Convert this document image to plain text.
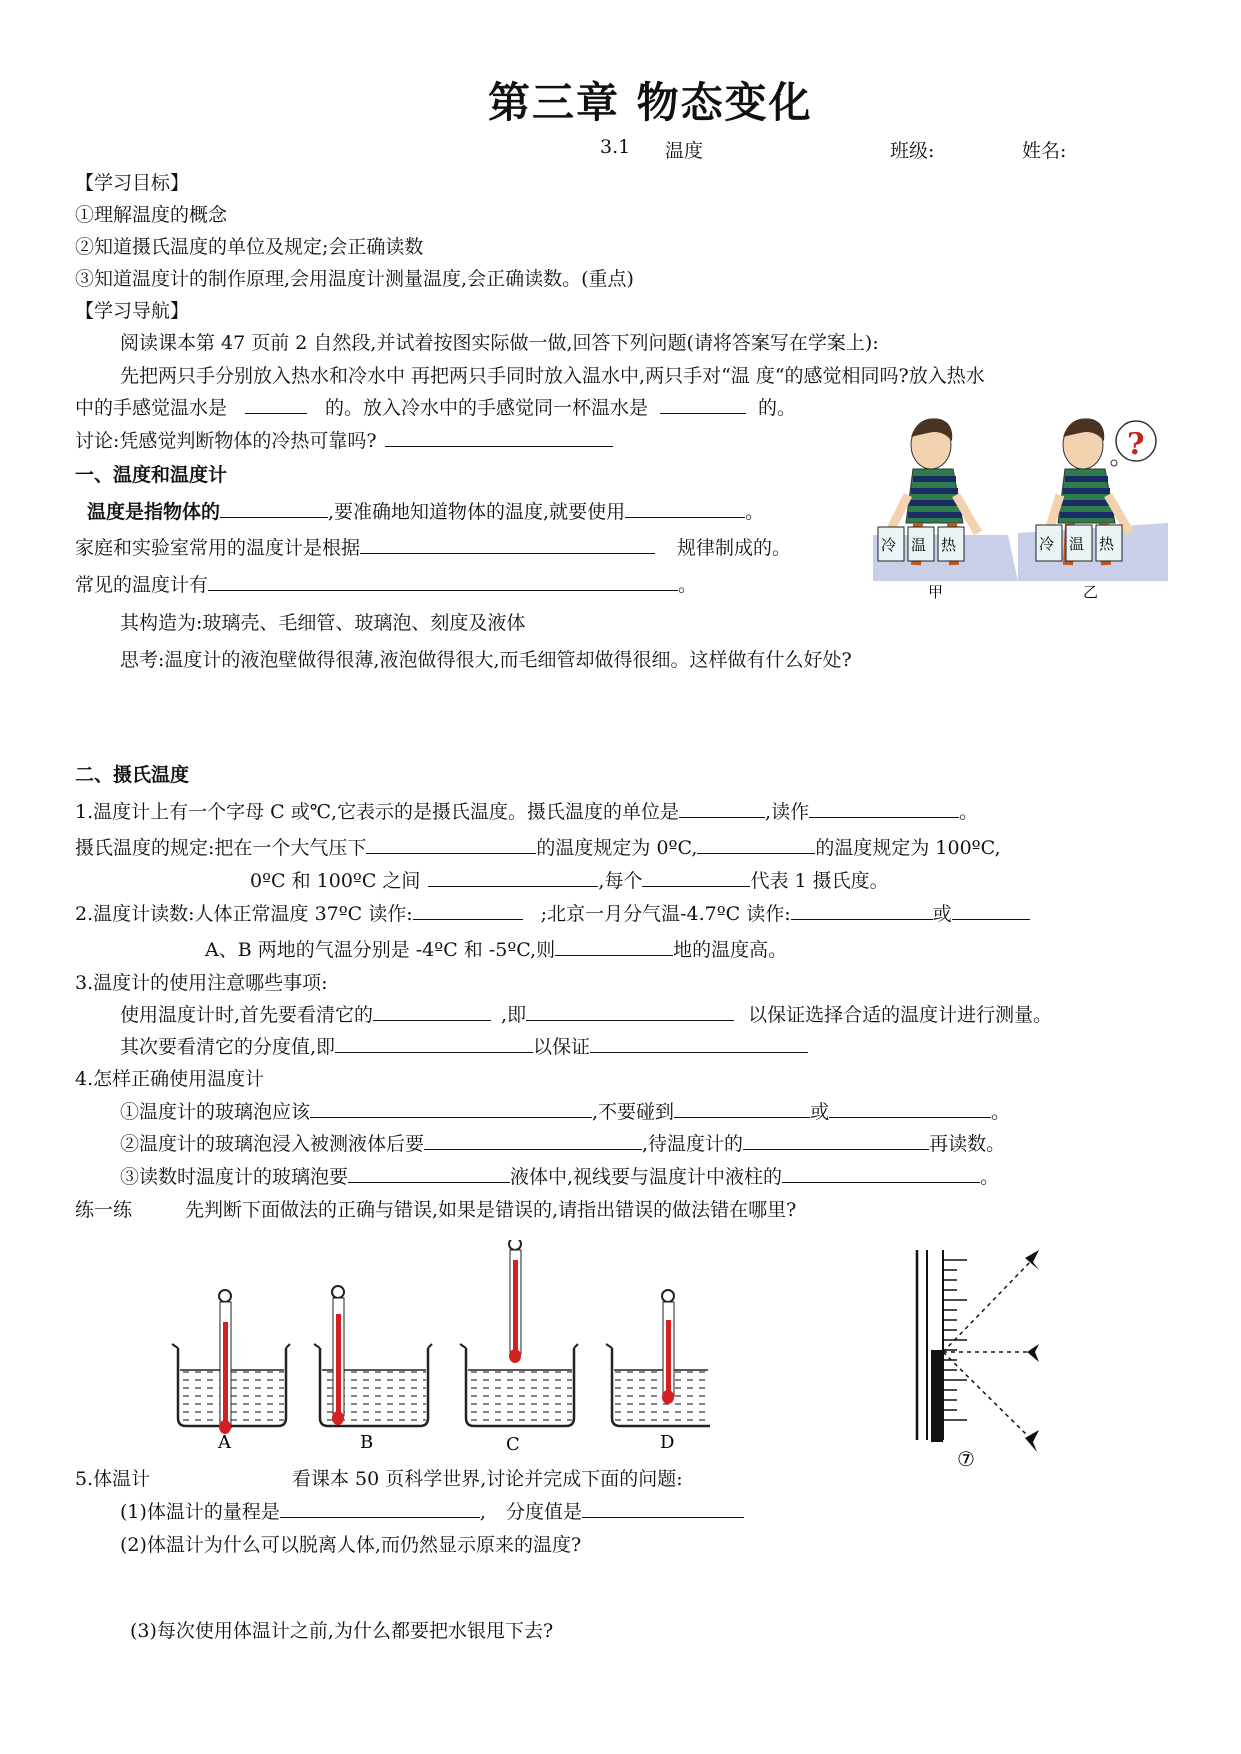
第三章 物态变化
3.1 温度	班级:	姓名:
【学习目标】
①理解温度的概念
②知道摄氏温度的单位及规定;会正确读数
③知道温度计的制作原理,会用温度计测量温度,会正确读数。(重点)
【学习导航】
阅读课本第 47 页前 2 自然段,并试着按图实际做一做,回答下列问题(请将答案写在学案上):
先把两只手分别放入热水和冷水中 再把两只手同时放入温水中,两只手对“温 度“的感觉相同吗?放入热水
中的手感觉温水是	的。放入冷水中的手感觉同一杯温水是	的。
讨论:凭感觉判断物体的冷热可靠吗?
冷 温 热
?
冷 温 热
甲	乙
一、温度和温度计
温度是指物体的	,要准确地知道物体的温度,就要使用	。
家庭和实验室常用的温度计是根据	规律制成的。
常见的温度计有	。
其构造为:玻璃壳、毛细管、玻璃泡、刻度及液体
思考:温度计的液泡壁做得很薄,液泡做得很大,而毛细管却做得很细。这样做有什么好处?
二、摄氏温度
1.温度计上有一个字母 C 或℃,它表示的是摄氏温度。摄氏温度的单位是	,读作	。
摄氏温度的规定:把在一个大气压下	的温度规定为 0ºC,	的温度规定为 100ºC,
0ºC 和 100ºC 之间	,每个	代表 1 摄氏度。
2.温度计读数:人体正常温度 37ºC 读作:	;北京一月分气温-4.7ºC 读作:	或
A、B 两地的气温分别是 -4ºC 和 -5ºC,则	地的温度高。
3.温度计的使用注意哪些事项:
使用温度计时,首先要看清它的	,即	以保证选择合适的温度计进行测量。
其次要看清它的分度值,即	以保证
4.怎样正确使用温度计
①温度计的玻璃泡应该	,不要碰到	或	。
②温度计的玻璃泡浸入被测液体后要	,待温度计的	再读数。
③读数时温度计的玻璃泡要	液体中,视线要与温度计中液柱的	。
练一练	先判断下面做法的正确与错误,如果是错误的,请指出错误的做法错在哪里?
A	B	C	D
⑦
5.体温计	看课本 50 页科学世界,讨论并完成下面的问题:
(1)体温计的量程是	, 分度值是
(2)体温计为什么可以脱离人体,而仍然显示原来的温度?
(3)每次使用体温计之前,为什么都要把水银甩下去?
